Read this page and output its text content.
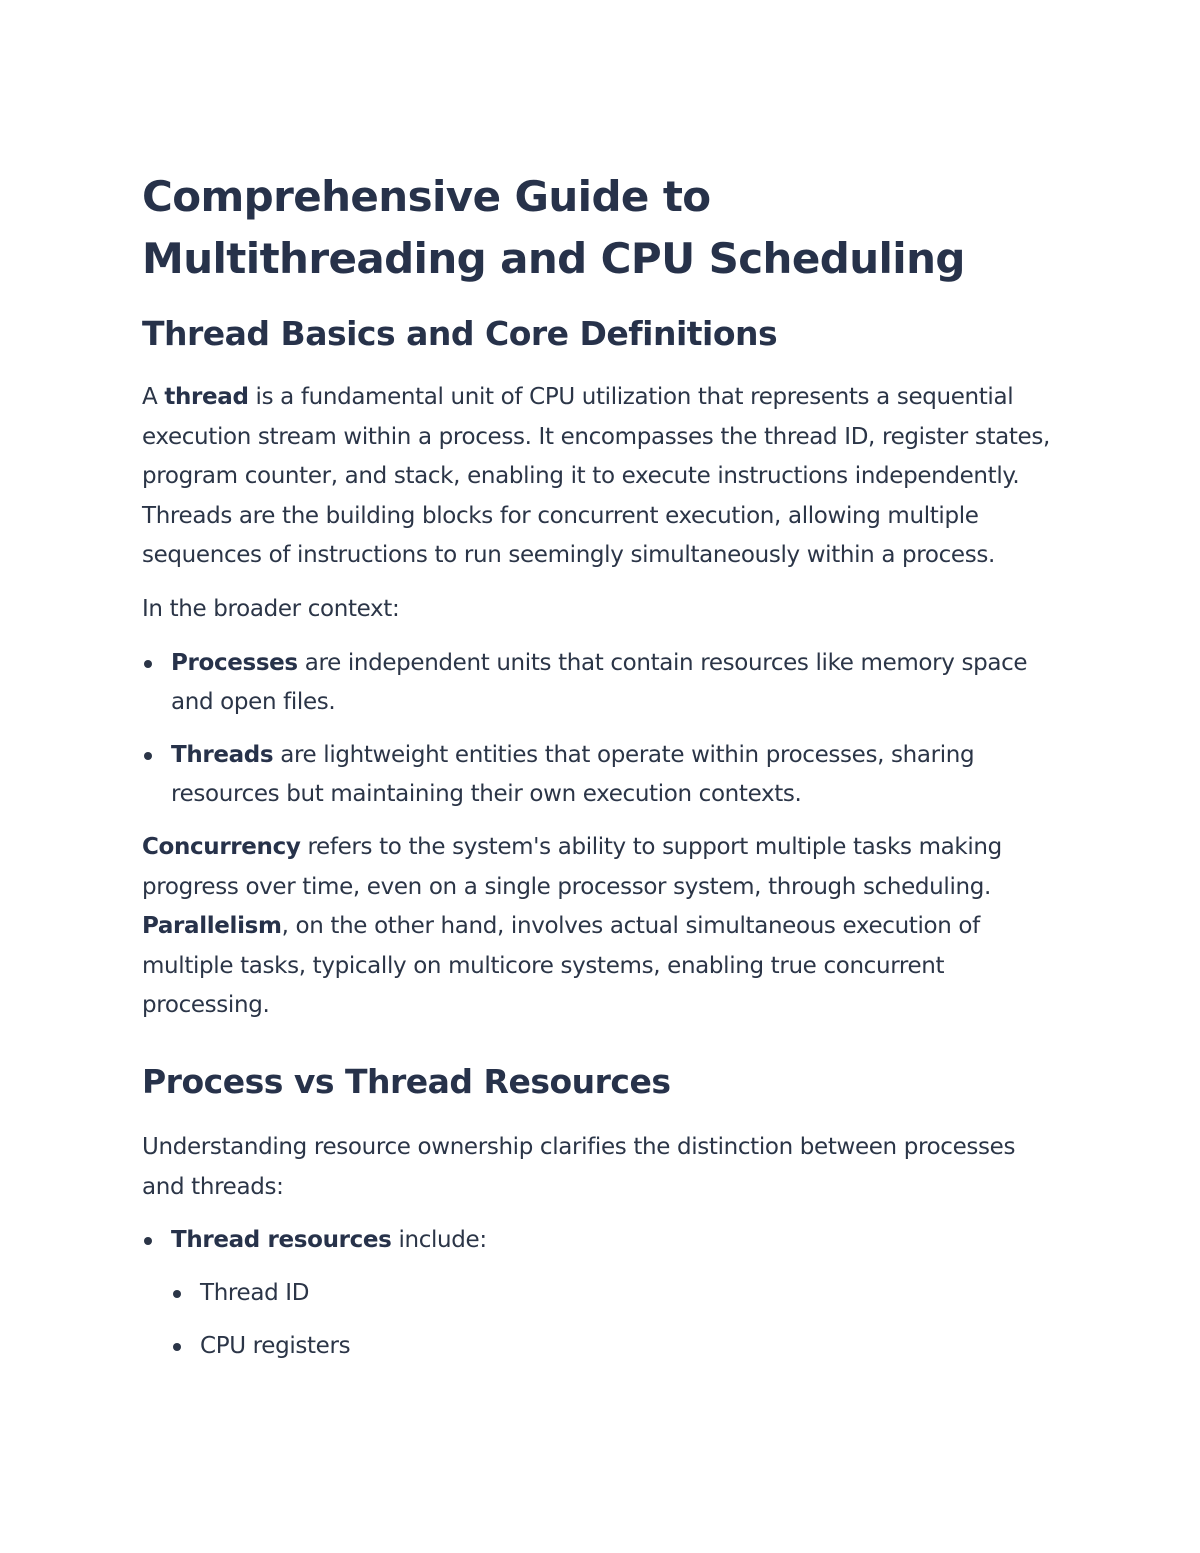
Comprehensive Guide to Multithreading and CPU Scheduling
Thread Basics and Core Definitions

A thread is a fundamental unit of CPU utilization that represents a sequential execution stream within a process. It encompasses the thread ID, register states, program counter, and stack, enabling it to execute instructions independently. Threads are the building blocks for concurrent execution, allowing multiple sequences of instructions to run seemingly simultaneously within a process.

In the broader context:

Processes are independent units that contain resources like memory space and open files.
Threads are lightweight entities that operate within processes, sharing resources but maintaining their own execution contexts.

Concurrency refers to the system's ability to support multiple tasks making progress over time, even on a single processor system, through scheduling. Parallelism, on the other hand, involves actual simultaneous execution of multiple tasks, typically on multicore systems, enabling true concurrent processing.

Process vs Thread Resources

Understanding resource ownership clarifies the distinction between processes and threads:

Thread resources include:
Thread ID
CPU registers
